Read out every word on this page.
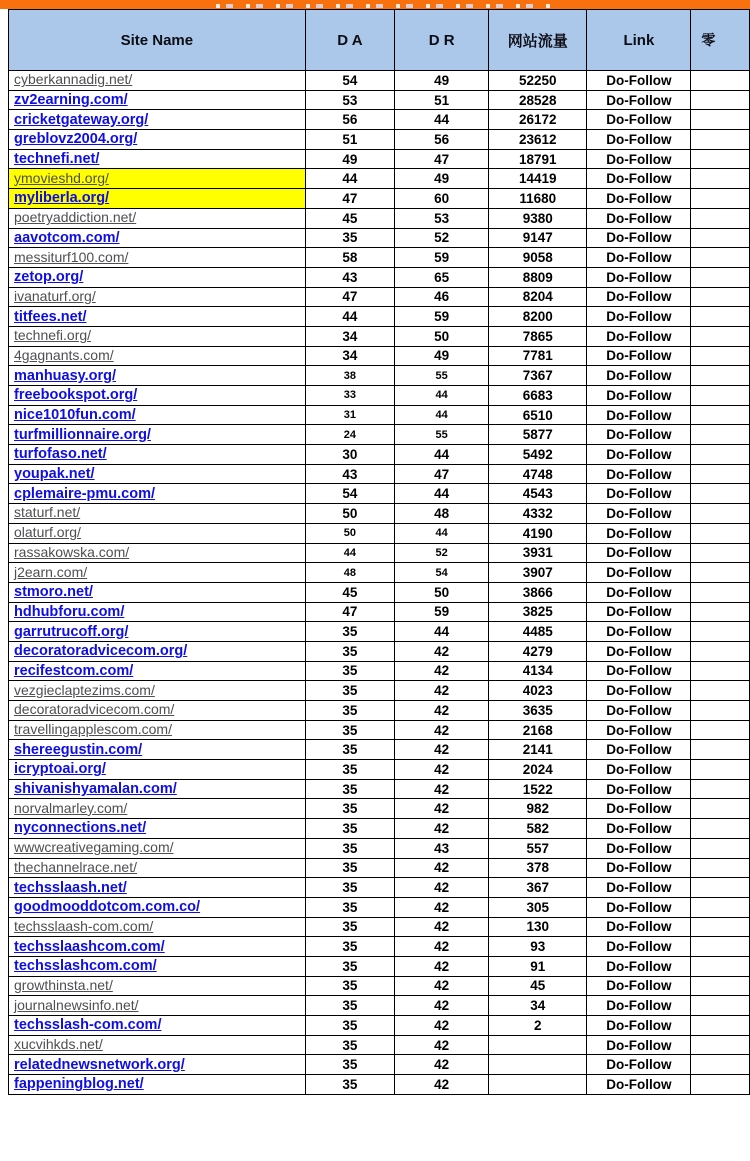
Site Name	D A	D R	网站流量	Link	零
cyberkannadig.net/	54	49	52250	Do-Follow	
zv2earning.com/	53	51	28528	Do-Follow	
cricketgateway.org/	56	44	26172	Do-Follow	
greblovz2004.org/	51	56	23612	Do-Follow	
technefi.net/	49	47	18791	Do-Follow	
ymovieshd.org/	44	49	14419	Do-Follow	
myliberla.org/	47	60	11680	Do-Follow	
poetryaddiction.net/	45	53	9380	Do-Follow	
aavotcom.com/	35	52	9147	Do-Follow	
messiturf100.com/	58	59	9058	Do-Follow	
zetop.org/	43	65	8809	Do-Follow	
ivanaturf.org/	47	46	8204	Do-Follow	
titfees.net/	44	59	8200	Do-Follow	
technefi.org/	34	50	7865	Do-Follow	
4gagnants.com/	34	49	7781	Do-Follow	
manhuasy.org/	38	55	7367	Do-Follow	
freebookspot.org/	33	44	6683	Do-Follow	
nice1010fun.com/	31	44	6510	Do-Follow	
turfmillionnaire.org/	24	55	5877	Do-Follow	
turfofaso.net/	30	44	5492	Do-Follow	
youpak.net/	43	47	4748	Do-Follow	
cplemaire-pmu.com/	54	44	4543	Do-Follow	
staturf.net/	50	48	4332	Do-Follow	
olaturf.org/	50	44	4190	Do-Follow	
rassakowska.com/	44	52	3931	Do-Follow	
j2earn.com/	48	54	3907	Do-Follow	
stmoro.net/	45	50	3866	Do-Follow	
hdhubforu.com/	47	59	3825	Do-Follow	
garrutrucoff.org/	35	44	4485	Do-Follow	
decoratoradvicecom.org/	35	42	4279	Do-Follow	
recifestcom.com/	35	42	4134	Do-Follow	
vezgieclaptezims.com/	35	42	4023	Do-Follow	
decoratoradvicecom.com/	35	42	3635	Do-Follow	
travellingapplescom.com/	35	42	2168	Do-Follow	
shereegustin.com/	35	42	2141	Do-Follow	
icryptoai.org/	35	42	2024	Do-Follow	
shivanishyamalan.com/	35	42	1522	Do-Follow	
norvalmarley.com/	35	42	982	Do-Follow	
nyconnections.net/	35	42	582	Do-Follow	
wwwcreativegaming.com/	35	43	557	Do-Follow	
thechannelrace.net/	35	42	378	Do-Follow	
techsslaash.net/	35	42	367	Do-Follow	
goodmooddotcom.com.co/	35	42	305	Do-Follow	
techsslaash-com.com/	35	42	130	Do-Follow	
techsslaashcom.com/	35	42	93	Do-Follow	
techsslashcom.com/	35	42	91	Do-Follow	
growthinsta.net/	35	42	45	Do-Follow	
journalnewsinfo.net/	35	42	34	Do-Follow	
techsslash-com.com/	35	42	2	Do-Follow	
xucvihkds.net/	35	42		Do-Follow	
relatednewsnetwork.org/	35	42		Do-Follow	
fappeningblog.net/	35	42		Do-Follow	
